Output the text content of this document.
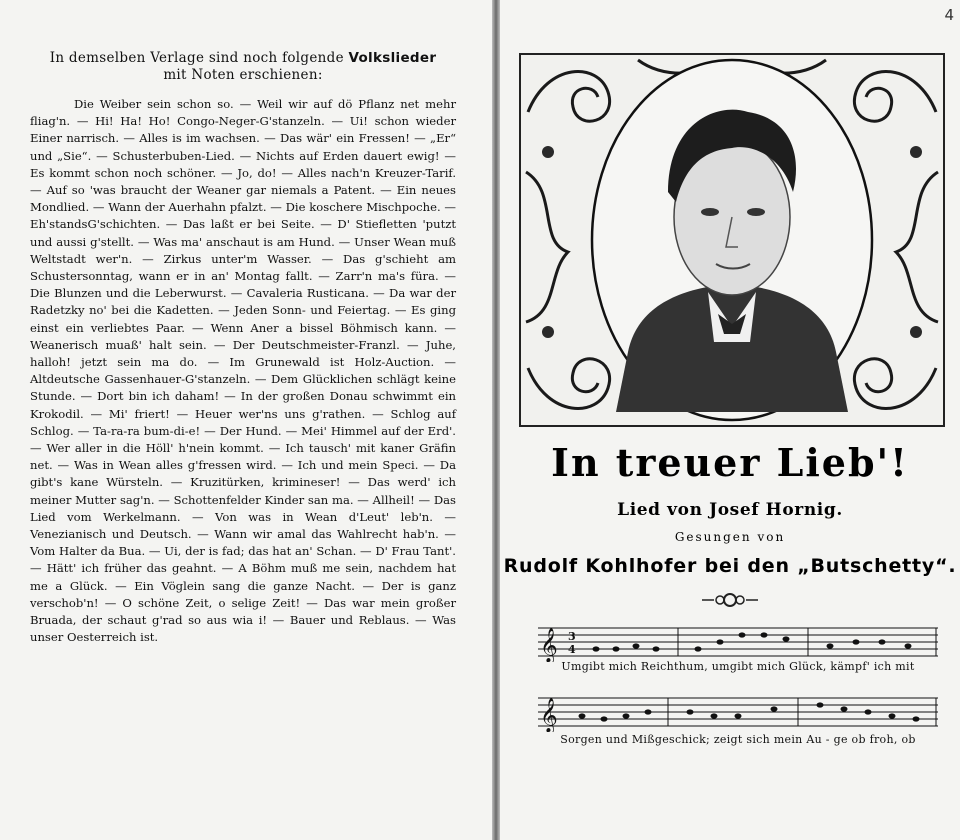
In demselben Verlage sind noch folgende Volkslieder
mit Noten erschienen:

Die Weiber sein schon so. — Weil wir auf dö Pflanz net mehr fliag'n. — Hi! Ha! Ho! Congo-Neger-G'stanzeln. — Ui! schon wieder Einer narrisch. — Alles is im wachsen. — Das wär' ein Fressen! — „Er“ und „Sie“. — Schusterbuben-Lied. — Nichts auf Erden dauert ewig! — Es kommt schon noch schöner. — Jo, do! — Alles nach'n Kreuzer-Tarif. — Auf so 'was braucht der Weaner gar niemals a Patent. — Ein neues Mondlied. — Wann der Auerhahn pfalzt. — Die koschere Mischpoche. — Eh'standsG'schichten. — Das laßt er bei Seite. — D' Stiefletten 'putzt und aussi g'stellt. — Was ma' anschaut is am Hund. — Unser Wean muß Weltstadt wer'n. — Zirkus unter'm Wasser. — Das g'schieht am Schustersonntag, wann er in an' Montag fallt. — Zarr'n ma's füra. — Die Blunzen und die Leberwurst. — Cavaleria Rusticana. — Da war der Radetzky no' bei die Kadetten. — Jeden Sonn- und Feiertag. — Es ging einst ein verliebtes Paar. — Wenn Aner a bissel Böhmisch kann. — Weanerisch muaß' halt sein. — Der Deutschmeister-Franzl. — Juhe, halloh! jetzt sein ma do. — Im Grunewald ist Holz-Auction. — Altdeutsche Gassenhauer-G'stanzeln. — Dem Glücklichen schlägt keine Stunde. — Dort bin ich daham! — In der großen Donau schwimmt ein Krokodil. — Mi' friert! — Heuer wer'ns uns g'rathen. — Schlog auf Schlog. — Ta-ra-ra bum-di-e! — Der Hund. — Mei' Himmel auf der Erd'. — Wer aller in die Höll' h'nein kommt. — Ich tausch' mit kaner Gräfin net. — Was in Wean alles g'fressen wird. — Ich und mein Speci. — Da gibt's kane Würsteln. — Kruzitürken, krimineser! — Das werd' ich meiner Mutter sag'n. — Schottenfelder Kinder san ma. — Allheil! — Das Lied vom Werkelmann. — Von was in Wean d'Leut' leb'n. — Venezianisch und Deutsch. — Wann wir amal das Wahlrecht hab'n. — Vom Halter da Bua. — Ui, der is fad; das hat an' Schan. — D' Frau Tant'. — Hätt' ich früher das geahnt. — A Böhm muß me sein, nachdem hat me a Glück. — Ein Vöglein sang die ganze Nacht. — Der is ganz verschob'n! — O schöne Zeit, o selige Zeit! — Das war mein großer Bruada, der schaut g'rad so aus wia i! — Bauer und Reblaus. — Was unser Oesterreich ist.

4
In treuer Lieb'!
Lied von Josef Hornig.
Gesungen von
Rudolf Kohlhofer bei den „Butschetty“.
𝄞 3
4
Umgibt mich Reichthum, umgibt mich Glück, kämpf' ich mit
𝄞
Sorgen und Mißgeschick; zeigt sich mein Au - ge ob froh, ob
